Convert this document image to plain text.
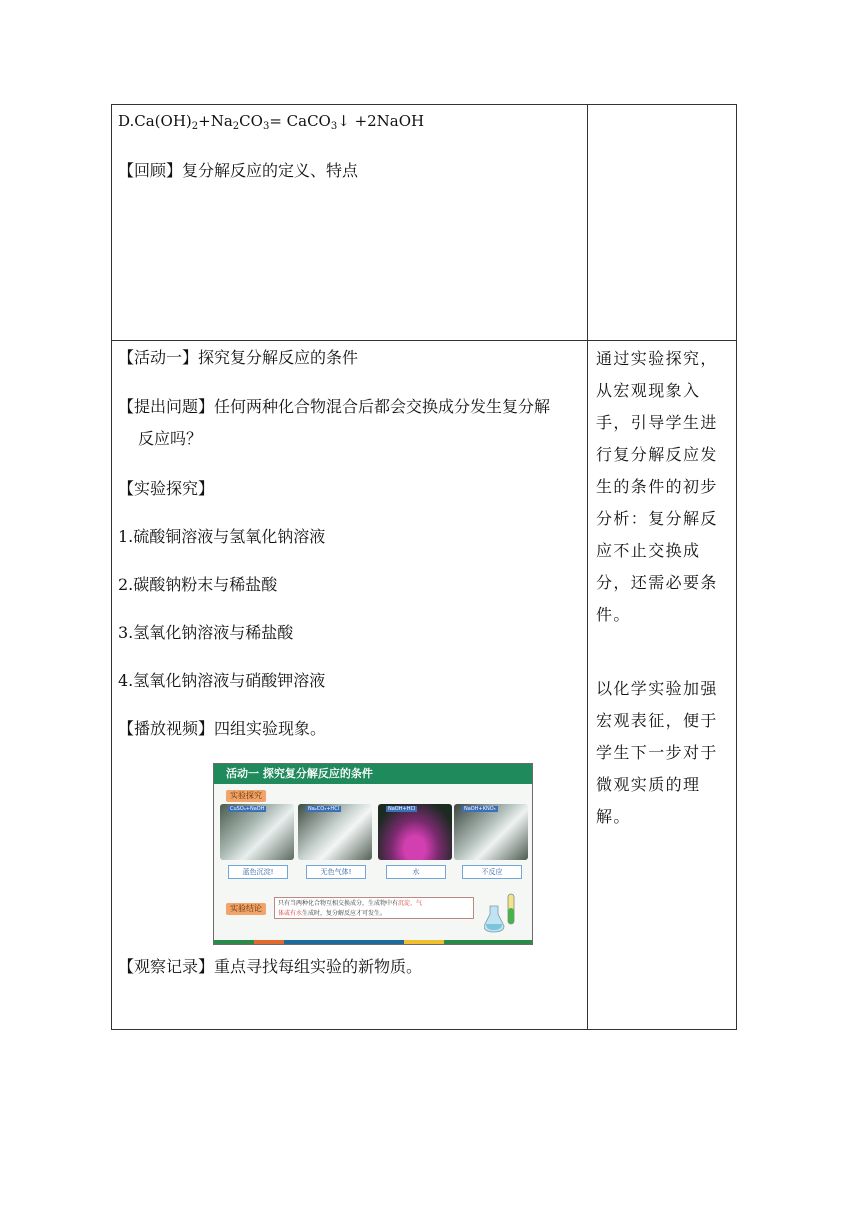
$D.Ca(OH)_2+Na_2CO_3=$ CaCO$_3$↓ +2NaOH
【回顾】复分解反应的定义、特点
【活动一】探究复分解反应的条件
【提出问题】任何两种化合物混合后都会交换成分发生复分解
反应吗？
【实验探究】
1.硫酸铜溶液与氢氧化钠溶液
2.碳酸钠粉末与稀盐酸
3.氢氧化钠溶液与稀盐酸
4.氢氧化钠溶液与硝酸钾溶液
【播放视频】四组实验现象。
【观察记录】重点寻找每组实验的新物质。
通过实验探究，从宏观现象入手，引导学生进行复分解反应发生的条件的初步分析：复分解反应不止交换成分，还需必要条件。
以化学实验加强宏观表征，便于学生下一步对于微观实质的理解。
活动一 探究复分解反应的条件
实验探究
CuSO₄+NaOH	Na₂CO₃+HCl	NaOH+HCl	NaOH+KNO₃
蓝色沉淀!	无色气体!	水	不反应
实验结论
只有当两种化合物互相交换成分，生成物中有沉淀、气
体或有水生成时，复分解反应才可发生。
